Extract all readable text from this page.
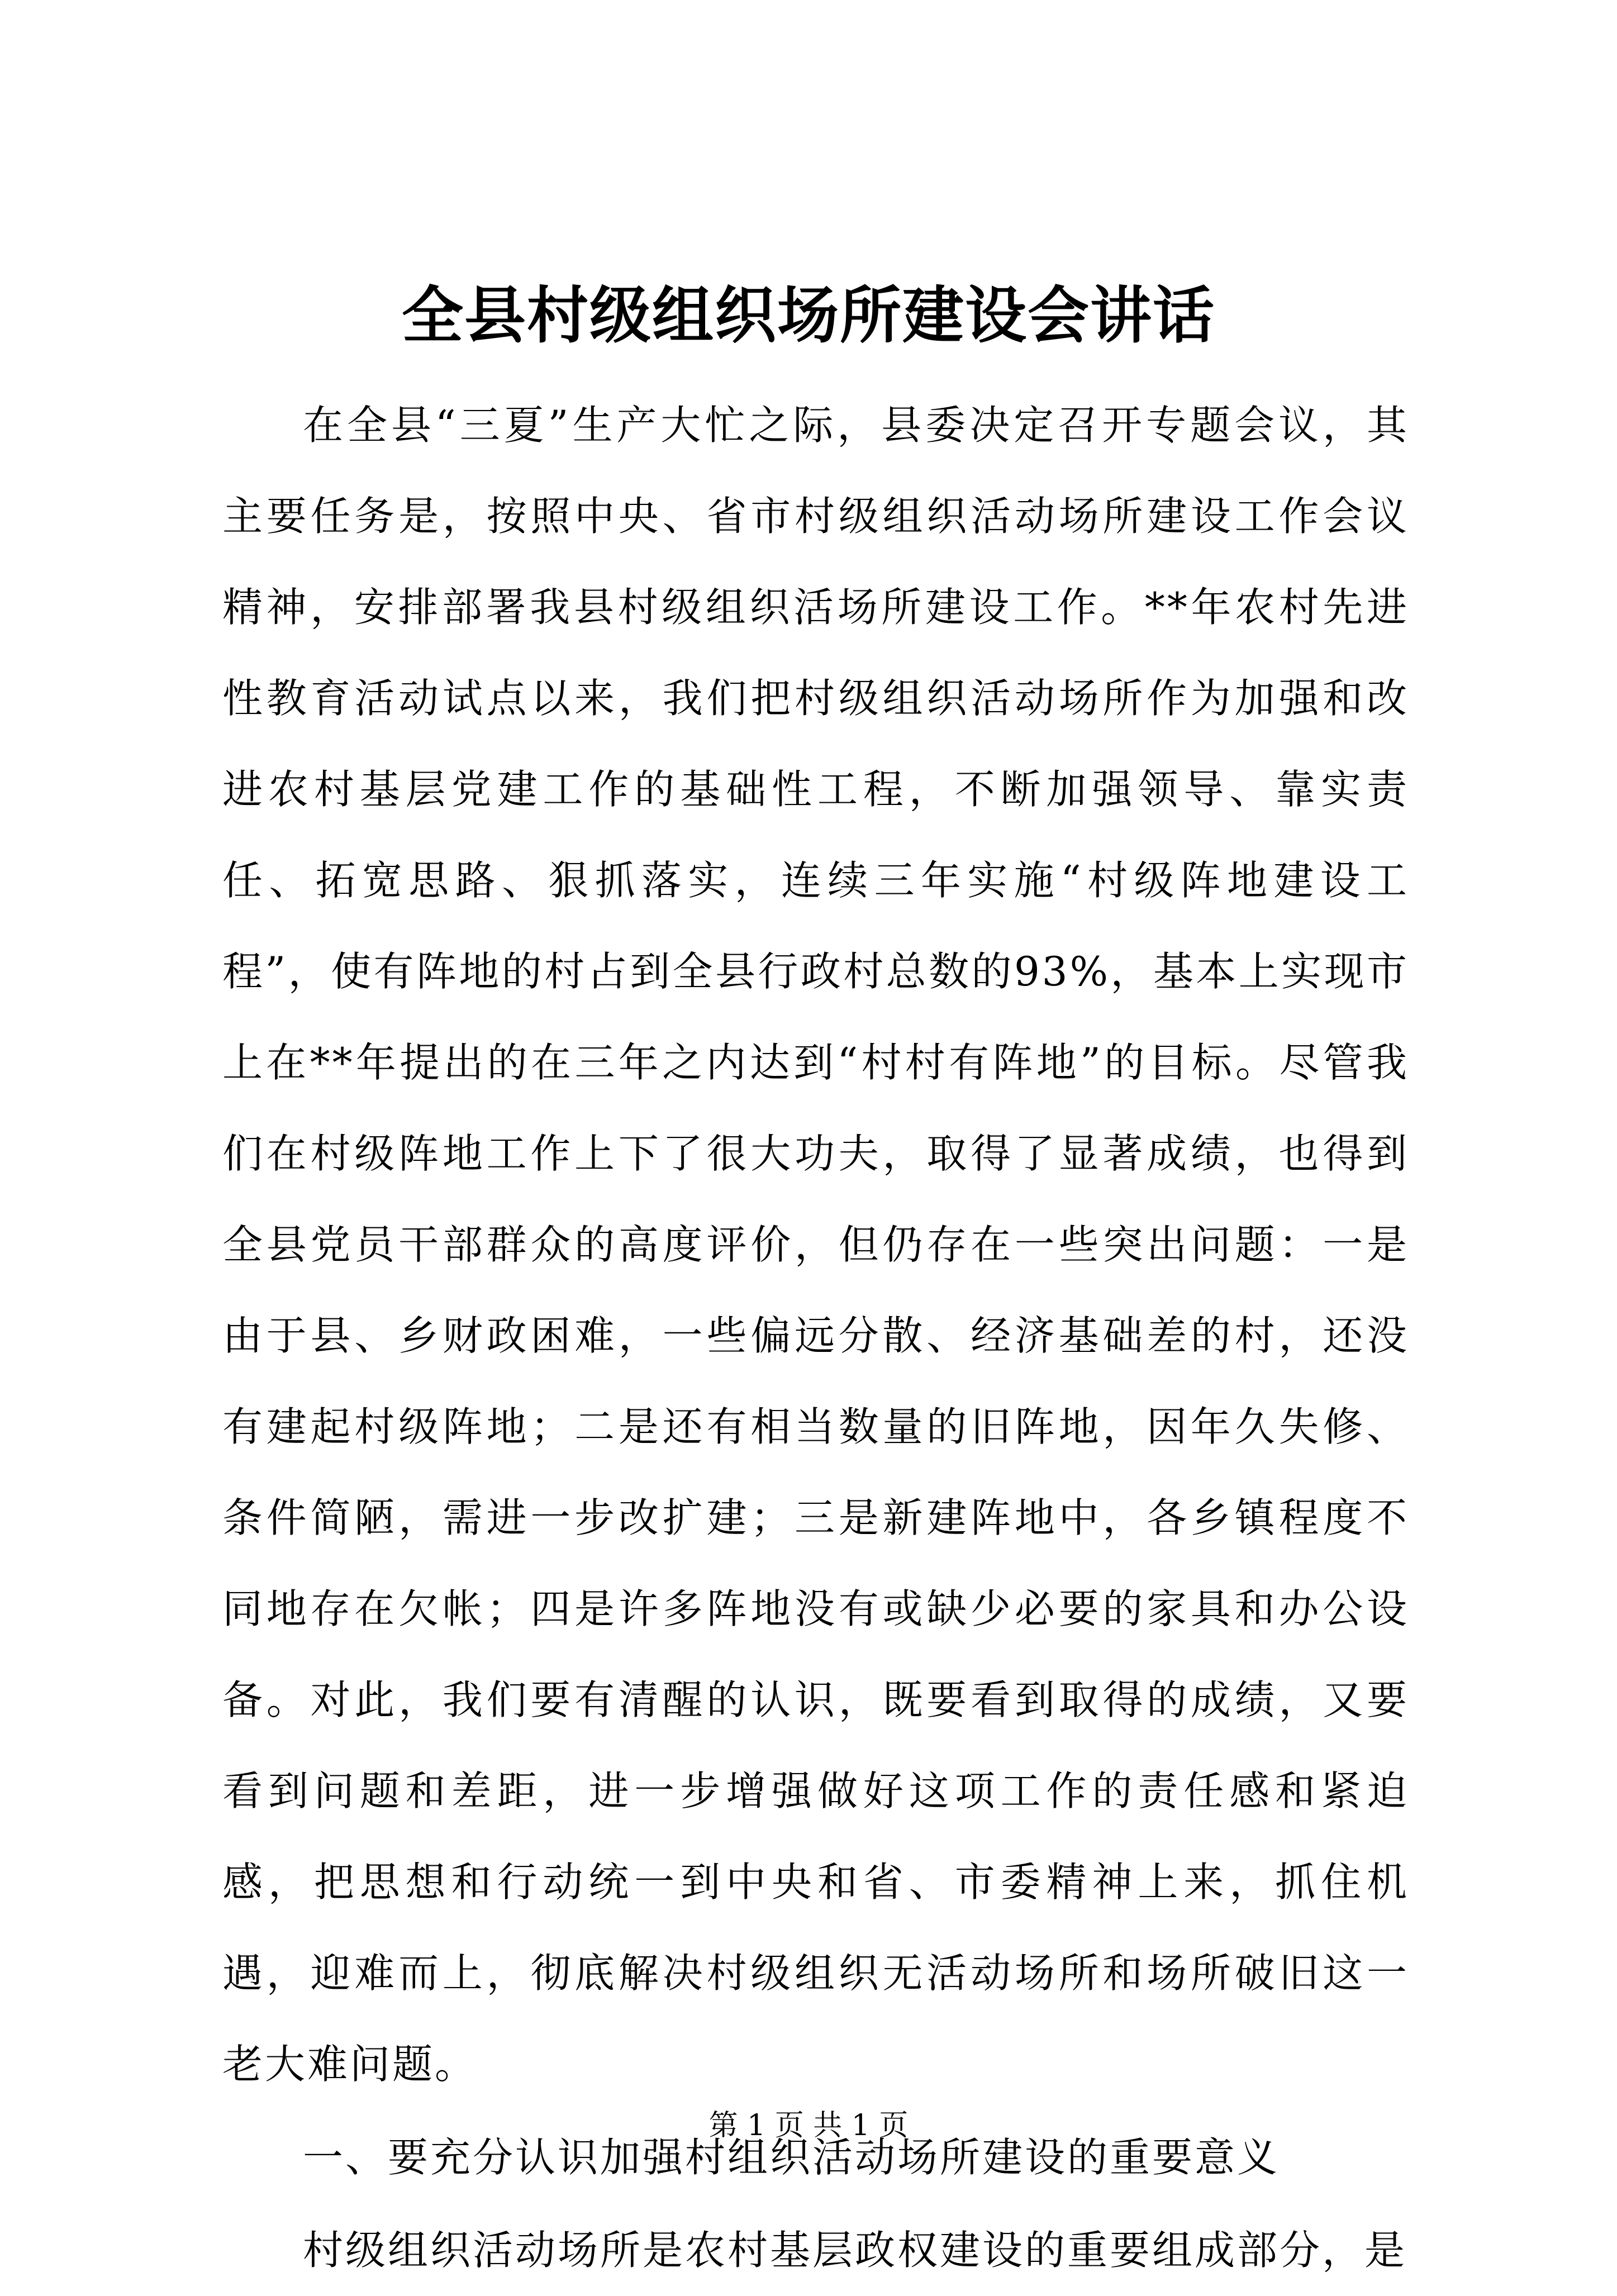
全县村级组织场所建设会讲话

在全县“三夏”生产大忙之际，县委决定召开专题会议，其主要任务是，按照中央、省市村级组织活动场所建设工作会议精神，安排部署我县村级组织活场所建设工作。**年农村先进性教育活动试点以来，我们把村级组织活动场所作为加强和改进农村基层党建工作的基础性工程，不断加强领导、靠实责任、拓宽思路、狠抓落实，连续三年实施“村级阵地建设工程”，使有阵地的村占到全县行政村总数的93%，基本上实现市上在**年提出的在三年之内达到“村村有阵地”的目标。尽管我们在村级阵地工作上下了很大功夫，取得了显著成绩，也得到全县党员干部群众的高度评价，但仍存在一些突出问题：一是由于县、乡财政困难，一些偏远分散、经济基础差的村，还没有建起村级阵地；二是还有相当数量的旧阵地，因年久失修、条件简陋，需进一步改扩建；三是新建阵地中，各乡镇程度不同地存在欠帐；四是许多阵地没有或缺少必要的家具和办公设备。对此，我们要有清醒的认识，既要看到取得的成绩，又要看到问题和差距，进一步增强做好这项工作的责任感和紧迫感，把思想和行动统一到中央和省、市委精神上来，抓住机遇，迎难而上，彻底解决村级组织无活动场所和场所破旧这一老大难问题。

一、要充分认识加强村组织活动场所建设的重要意义

村级组织活动场所是农村基层政权建设的重要组成部分，是

第 1 页 共 1 页
